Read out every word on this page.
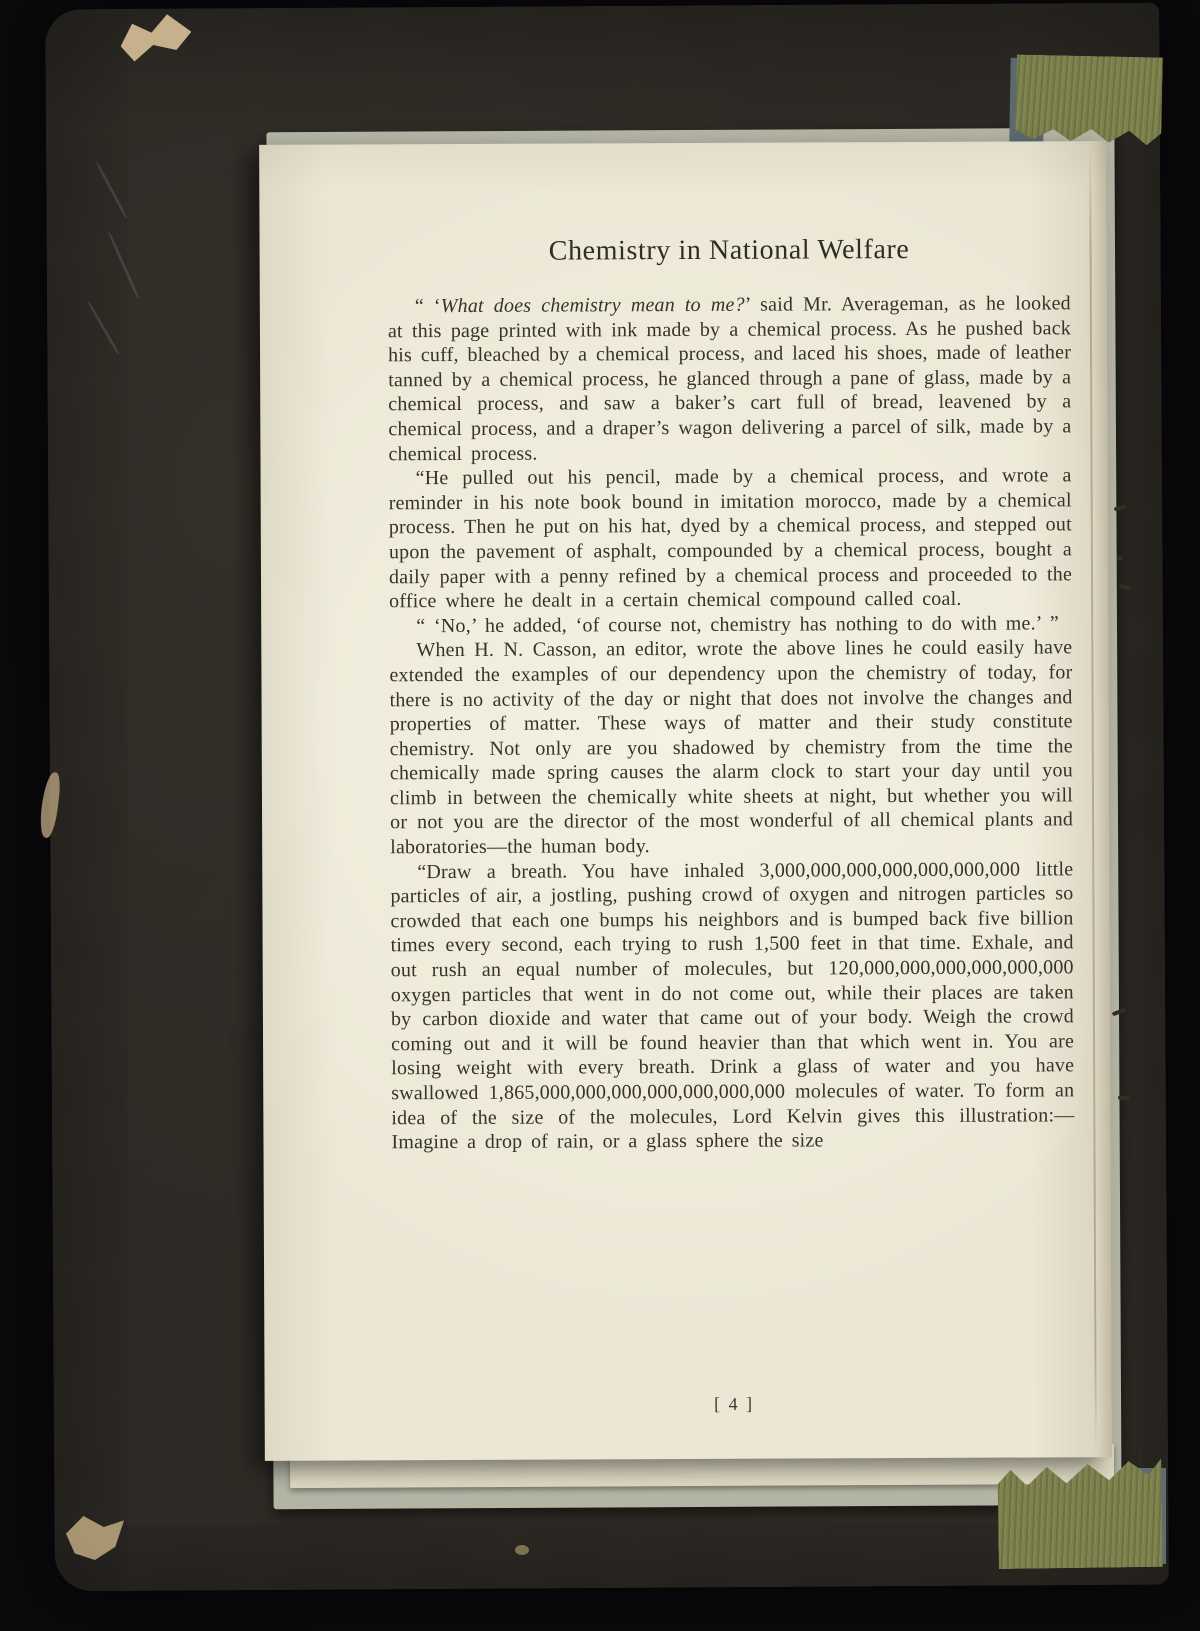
Chemistry in National Welfare

“ ‘What does chemistry mean to me?’ said Mr. Averageman, as he looked at this page printed with ink made by a chemical process. As he pushed back his cuff, bleached by a chemical process, and laced his shoes, made of leather tanned by a chemical process, he glanced through a pane of glass, made by a chemical process, and saw a baker’s cart full of bread, leavened by a chemical process, and a draper’s wagon delivering a parcel of silk, made by a chemical process.

“He pulled out his pencil, made by a chemical process, and wrote a reminder in his note book bound in imitation morocco, made by a chemical process. Then he put on his hat, dyed by a chemical process, and stepped out upon the pavement of asphalt, compounded by a chemical process, bought a daily paper with a penny refined by a chemical process and proceeded to the office where he dealt in a certain chemical compound called coal.

“ ‘No,’ he added, ‘of course not, chemistry has nothing to do with me.’ ”

When H. N. Casson, an editor, wrote the above lines he could easily have extended the examples of our dependency upon the chemistry of today, for there is no activity of the day or night that does not involve the changes and properties of matter. These ways of matter and their study constitute chemistry. Not only are you shadowed by chemistry from the time the chemically made spring causes the alarm clock to start your day until you climb in between the chemically white sheets at night, but whether you will or not you are the director of the most wonderful of all chemical plants and laboratories—the human body.

“Draw a breath. You have inhaled 3,000,000,000,000,000,000,000 little particles of air, a jostling, pushing crowd of oxygen and nitrogen particles so crowded that each one bumps his neighbors and is bumped back five billion times every second, each trying to rush 1,500 feet in that time. Exhale, and out rush an equal number of molecules, but 120,000,000,000,000,000,000 oxygen particles that went in do not come out, while their places are taken by carbon dioxide and water that came out of your body. Weigh the crowd coming out and it will be found heavier than that which went in. You are losing weight with every breath. Drink a glass of water and you have swallowed 1,865,000,000,000,000,000,000,000 molecules of water. To form an idea of the size of the molecules, Lord Kelvin gives this illustration:—Imagine a drop of rain, or a glass sphere the size

[ 4 ]
